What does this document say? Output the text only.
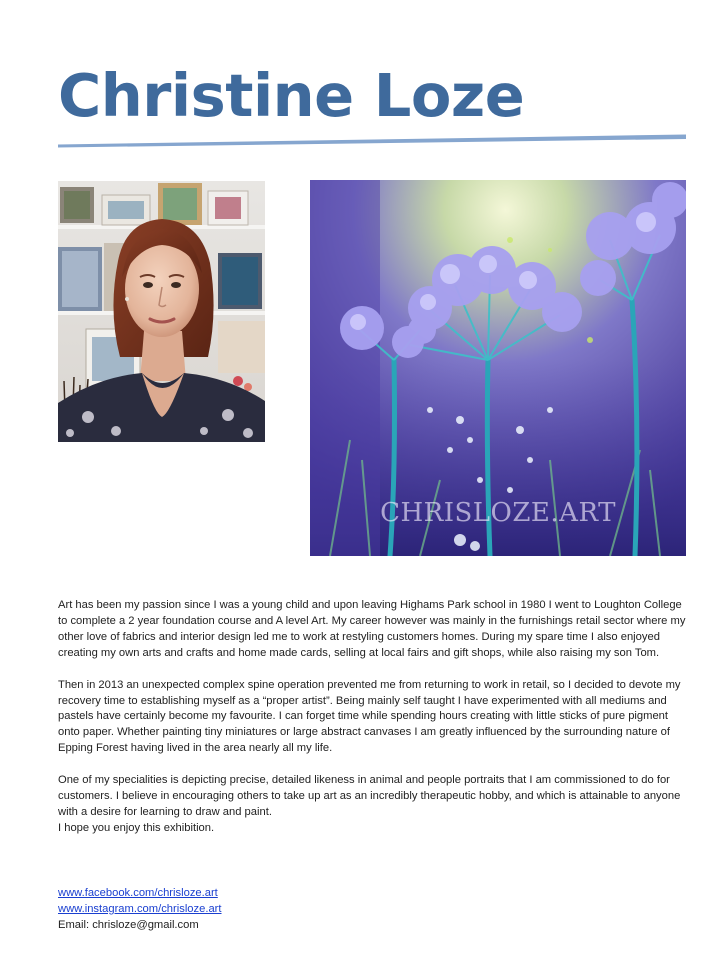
Christine Loze
CHRISLOZE.ART

Art has been my passion since I was a young child and upon leaving Highams Park school in 1980 I went to Loughton College to complete a 2 year foundation course and A level Art. My career however was mainly in the furnishings retail sector where my other love of fabrics and interior design led me to work at restyling customers homes. During my spare time I also enjoyed creating my own arts and crafts and home made cards, selling at local fairs and gift shops, while also raising my son Tom.

Then in 2013 an unexpected complex spine operation prevented me from returning to work in retail, so I decided to devote my recovery time to establishing myself as a “proper artist”. Being mainly self taught I have experimented with all mediums and pastels have certainly become my favourite. I can forget time while spending hours creating with little sticks of pure pigment onto paper. Whether painting tiny miniatures or large abstract canvases I am greatly influenced by the surrounding nature of Epping Forest having lived in the area nearly all my life.

One of my specialities is depicting precise, detailed likeness in animal and people portraits that I am commissioned to do for customers. I believe in encouraging others to take up art as an incredibly therapeutic hobby, and which is attainable to anyone with a desire for learning to draw and paint.

I hope you enjoy this exhibition.
www.facebook.com/chrisloze.art
www.instagram.com/chrisloze.art
Email: chrisloze@gmail.com
